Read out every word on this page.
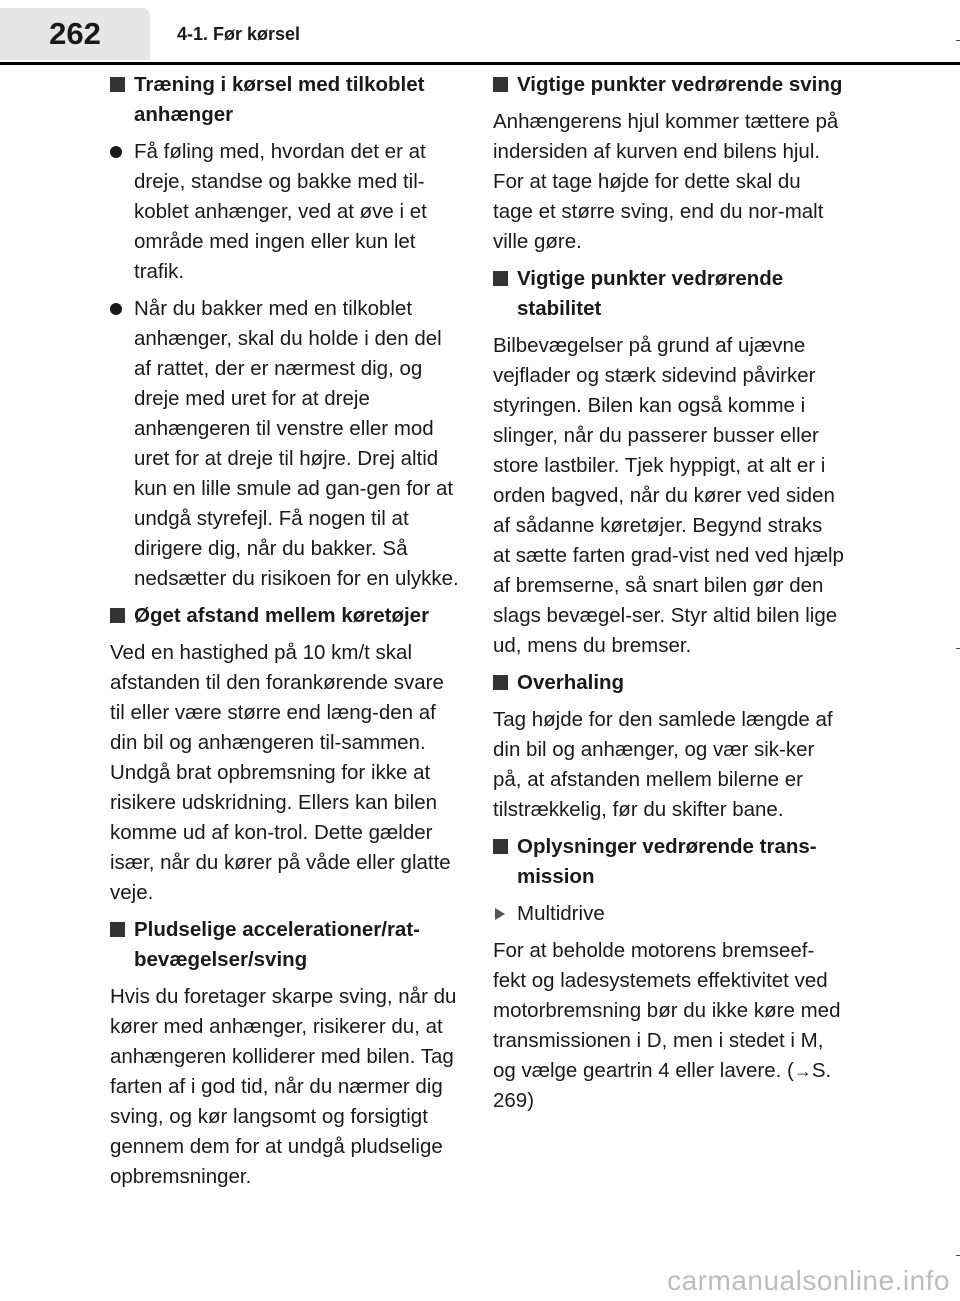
262	4-1. Før kørsel
Træning i kørsel med tilkoblet anhænger
Få føling med, hvordan det er at dreje, standse og bakke med til-koblet anhænger, ved at øve i et område med ingen eller kun let trafik.
Når du bakker med en tilkoblet anhænger, skal du holde i den del af rattet, der er nærmest dig, og dreje med uret for at dreje anhængeren til venstre eller mod uret for at dreje til højre. Drej altid kun en lille smule ad gan-gen for at undgå styrefejl. Få nogen til at dirigere dig, når du bakker. Så nedsætter du risikoen for en ulykke.
Øget afstand mellem køretøjer

Ved en hastighed på 10 km/t skal afstanden til den forankørende svare til eller være større end læng-den af din bil og anhængeren til-sammen. Undgå brat opbremsning for ikke at risikere udskridning. Ellers kan bilen komme ud af kon-trol. Dette gælder især, når du kører på våde eller glatte veje.

Pludselige accelerationer/rat-bevægelser/sving

Hvis du foretager skarpe sving, når du kører med anhænger, risikerer du, at anhængeren kolliderer med bilen. Tag farten af i god tid, når du nærmer dig sving, og kør langsomt og forsigtigt gennem dem for at undgå pludselige opbremsninger.

Vigtige punkter vedrørende sving

Anhængerens hjul kommer tættere på indersiden af kurven end bilens hjul. For at tage højde for dette skal du tage et større sving, end du nor-malt ville gøre.

Vigtige punkter vedrørende stabilitet

Bilbevægelser på grund af ujævne vejflader og stærk sidevind påvirker styringen. Bilen kan også komme i slinger, når du passerer busser eller store lastbiler. Tjek hyppigt, at alt er i orden bagved, når du kører ved siden af sådanne køretøjer. Begynd straks at sætte farten grad-vist ned ved hjælp af bremserne, så snart bilen gør den slags bevægel-ser. Styr altid bilen lige ud, mens du bremser.

Overhaling

Tag højde for den samlede længde af din bil og anhænger, og vær sik-ker på, at afstanden mellem bilerne er tilstrækkelig, før du skifter bane.

Oplysninger vedrørende trans-mission
Multidrive

For at beholde motorens bremseef-fekt og ladesystemets effektivitet ved motorbremsning bør du ikke køre med transmissionen i D, men i stedet i M, og vælge geartrin 4 eller lavere. (→S. 269)

carmanualsonline.info
